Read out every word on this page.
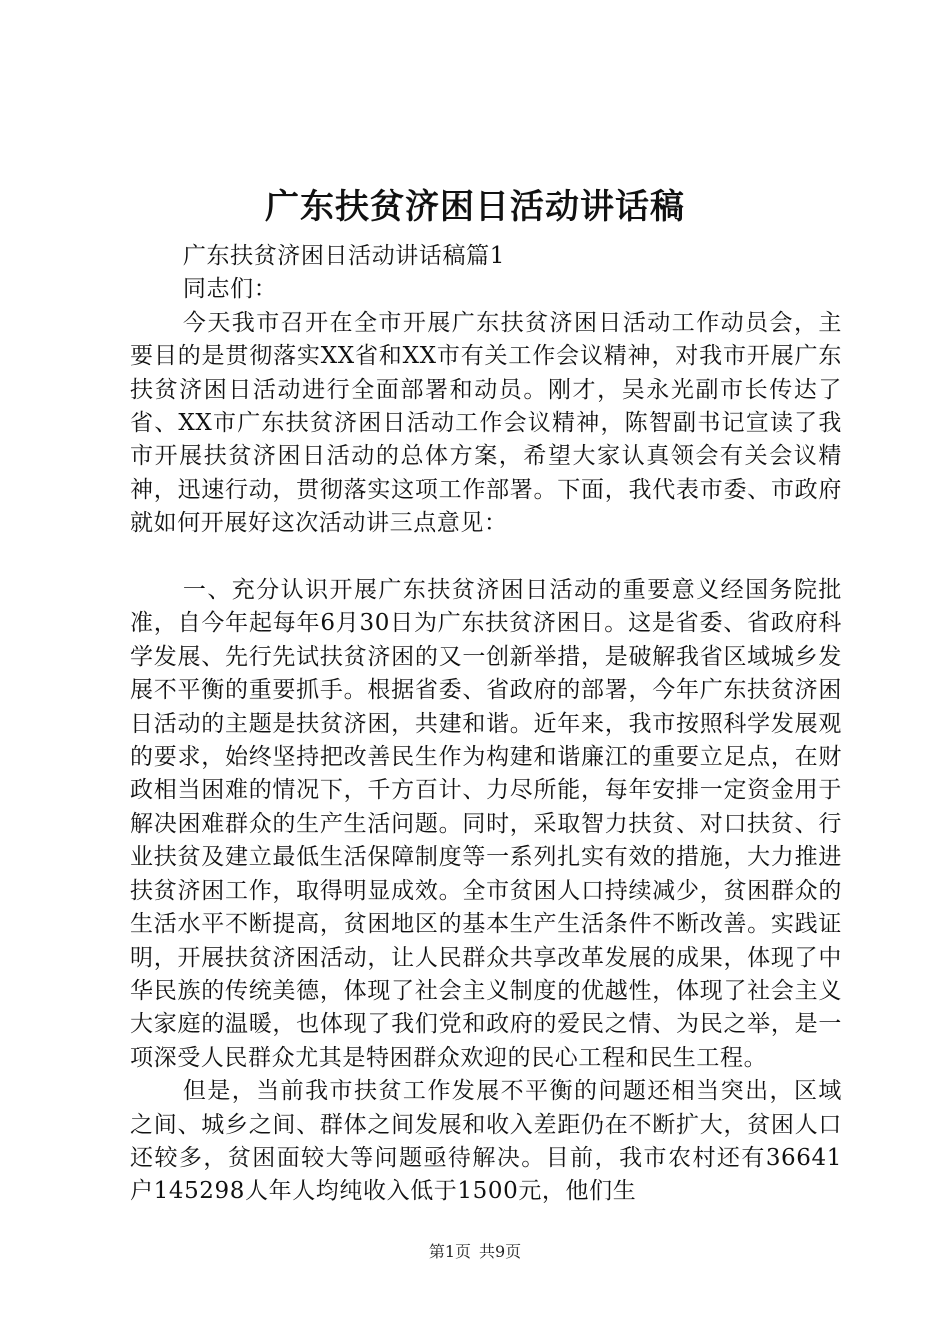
广东扶贫济困日活动讲话稿

广东扶贫济困日活动讲话稿篇1

同志们：

今天我市召开在全市开展广东扶贫济困日活动工作动员会，主要目的是贯彻落实XX省和XX市有关工作会议精神，对我市开展广东扶贫济困日活动进行全面部署和动员。刚才，吴永光副市长传达了省、XX市广东扶贫济困日活动工作会议精神，陈智副书记宣读了我市开展扶贫济困日活动的总体方案，希望大家认真领会有关会议精神，迅速行动，贯彻落实这项工作部署。下面，我代表市委、市政府就如何开展好这次活动讲三点意见：

一、充分认识开展广东扶贫济困日活动的重要意义经国务院批准，自今年起每年6月30日为广东扶贫济困日。这是省委、省政府科学发展、先行先试扶贫济困的又一创新举措，是破解我省区域城乡发展不平衡的重要抓手。根据省委、省政府的部署，今年广东扶贫济困日活动的主题是扶贫济困，共建和谐。近年来，我市按照科学发展观的要求，始终坚持把改善民生作为构建和谐廉江的重要立足点，在财政相当困难的情况下，千方百计、力尽所能，每年安排一定资金用于解决困难群众的生产生活问题。同时，采取智力扶贫、对口扶贫、行业扶贫及建立最低生活保障制度等一系列扎实有效的措施，大力推进扶贫济困工作，取得明显成效。全市贫困人口持续减少，贫困群众的生活水平不断提高，贫困地区的基本生产生活条件不断改善。实践证明，开展扶贫济困活动，让人民群众共享改革发展的成果，体现了中华民族的传统美德，体现了社会主义制度的优越性，体现了社会主义大家庭的温暖，也体现了我们党和政府的爱民之情、为民之举，是一项深受人民群众尤其是特困群众欢迎的民心工程和民生工程。

但是，当前我市扶贫工作发展不平衡的问题还相当突出，区域之间、城乡之间、群体之间发展和收入差距仍在不断扩大，贫困人口还较多，贫困面较大等问题亟待解决。目前，我市农村还有36641户145298人年人均纯收入低于1500元，他们生

第1页 共9页
